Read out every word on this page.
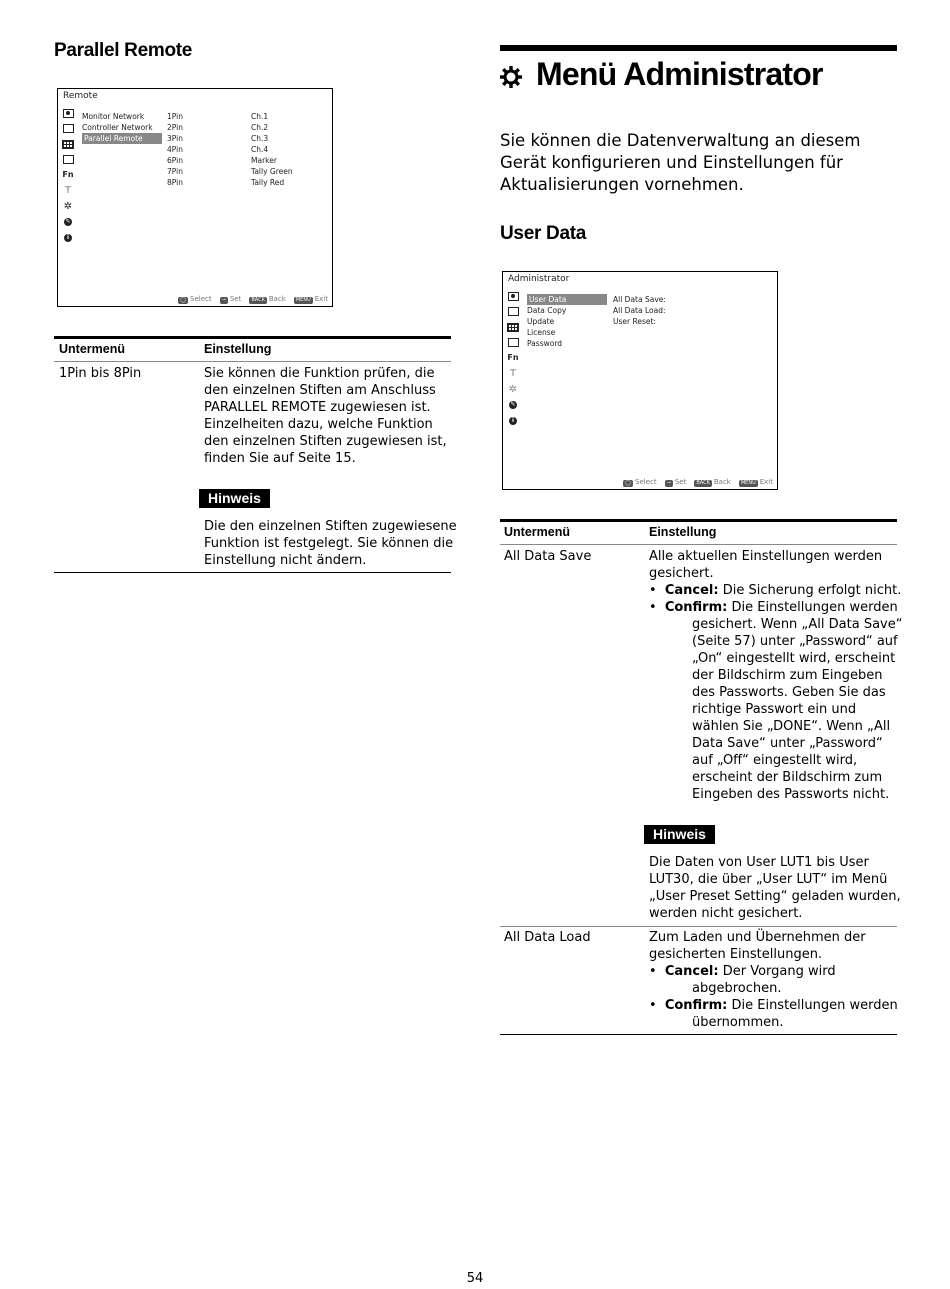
Parallel Remote
Remote
Fn
⊤
✲
✎
i
Monitor Network
Controller Network
Parallel Remote
1Pin
2Pin
3Pin
4Pin
6Pin
7Pin
8Pin
Ch.1
Ch.2
Ch.3
Ch.4
Marker
Tally Green
Tally Red
◯ Select	⊸ Set	BACK Back	MENU Exit
Untermenü	Einstellung
1Pin bis 8Pin	Sie können die Funktion prüfen, die
den einzelnen Stiften am Anschluss
PARALLEL REMOTE zugewiesen ist.
Einzelheiten dazu, welche Funktion
den einzelnen Stiften zugewiesen ist,
finden Sie auf Seite 15.
Hinweis
Die den einzelnen Stiften zugewiesene
Funktion ist festgelegt. Sie können die
Einstellung nicht ändern.
Menü Administrator
Sie können die Datenverwaltung an diesem
Gerät konfigurieren und Einstellungen für
Aktualisierungen vornehmen.
User Data
Administrator
Fn
⊤
✲
✎
i
User Data
Data Copy
Update
License
Password
All Data Save:
All Data Load:
User Reset:
◯ Select	⊸ Set	BACK Back	MENU Exit
Untermenü	Einstellung
All Data Save	Alle aktuellen Einstellungen werden
gesichert.
• Cancel: Die Sicherung erfolgt nicht.
• Confirm: Die Einstellungen werden
gesichert. Wenn „All Data Save“
(Seite 57) unter „Password“ auf
„On“ eingestellt wird, erscheint
der Bildschirm zum Eingeben
des Passworts. Geben Sie das
richtige Passwort ein und
wählen Sie „DONE“. Wenn „All
Data Save“ unter „Password“
auf „Off“ eingestellt wird,
erscheint der Bildschirm zum
Eingeben des Passworts nicht.
Hinweis
Die Daten von User LUT1 bis User
LUT30, die über „User LUT“ im Menü
„User Preset Setting“ geladen wurden,
werden nicht gesichert.
All Data Load	Zum Laden und Übernehmen der
gesicherten Einstellungen.
• Cancel: Der Vorgang wird
abgebrochen.
• Confirm: Die Einstellungen werden
übernommen.
54
